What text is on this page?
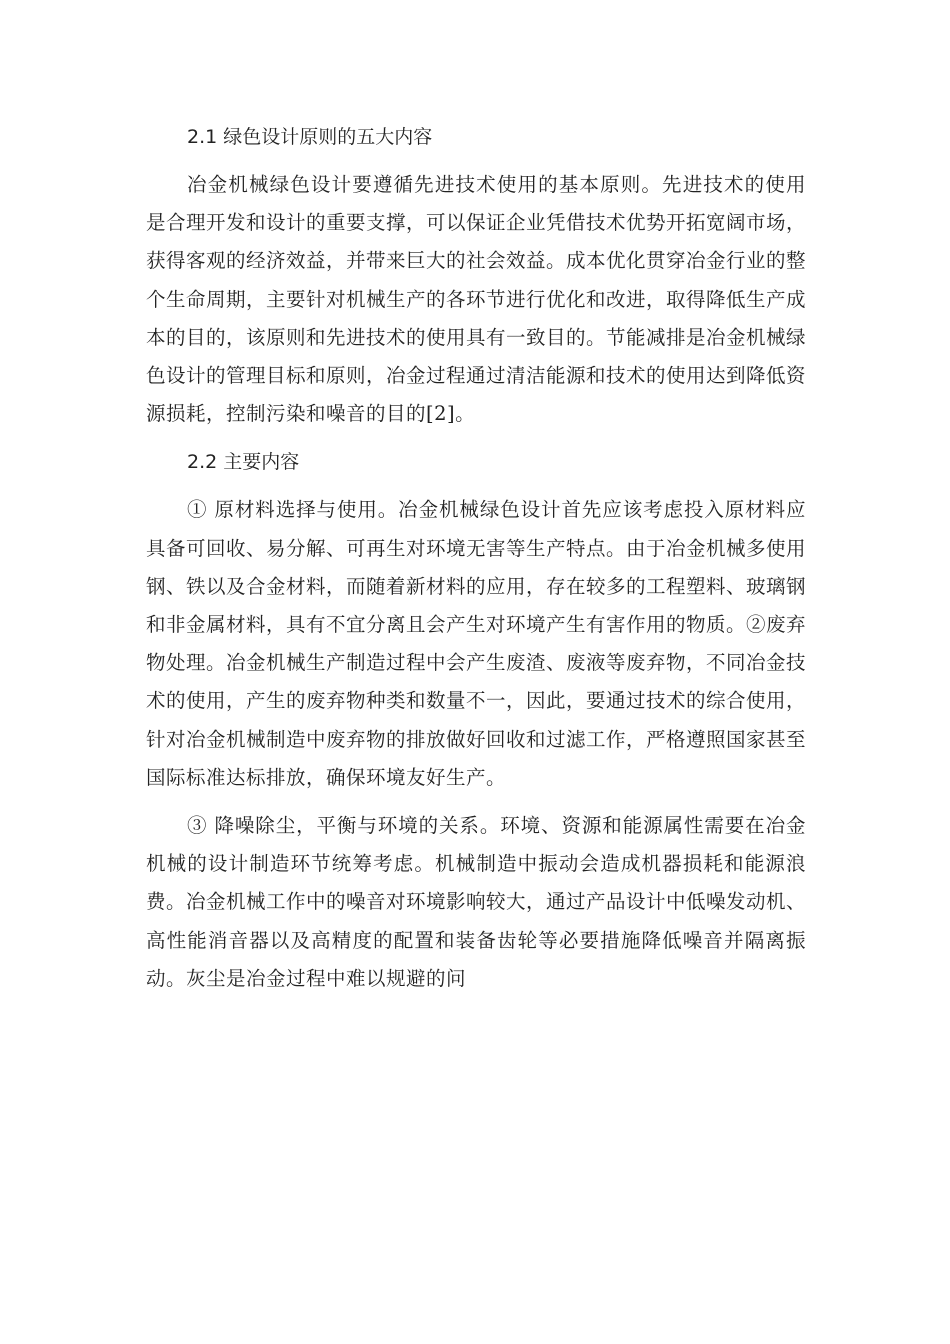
2.1 绿色设计原则的五大内容

冶金机械绿色设计要遵循先进技术使用的基本原则。先进技术的使用是合理开发和设计的重要支撑，可以保证企业凭借技术优势开拓宽阔市场，获得客观的经济效益，并带来巨大的社会效益。成本优化贯穿冶金行业的整个生命周期，主要针对机械生产的各环节进行优化和改进，取得降低生产成本的目的，该原则和先进技术的使用具有一致目的。节能减排是冶金机械绿色设计的管理目标和原则，冶金过程通过清洁能源和技术的使用达到降低资源损耗，控制污染和噪音的目的[2]。

2.2 主要内容

① 原材料选择与使用。冶金机械绿色设计首先应该考虑投入原材料应具备可回收、易分解、可再生对环境无害等生产特点。由于冶金机械多使用钢、铁以及合金材料，而随着新材料的应用，存在较多的工程塑料、玻璃钢和非金属材料，具有不宜分离且会产生对环境产生有害作用的物质。②废弃物处理。冶金机械生产制造过程中会产生废渣、废液等废弃物，不同冶金技术的使用，产生的废弃物种类和数量不一，因此，要通过技术的综合使用，针对冶金机械制造中废弃物的排放做好回收和过滤工作，严格遵照国家甚至国际标准达标排放，确保环境友好生产。

③ 降噪除尘，平衡与环境的关系。环境、资源和能源属性需要在冶金机械的设计制造环节统筹考虑。机械制造中振动会造成机器损耗和能源浪费。冶金机械工作中的噪音对环境影响较大，通过产品设计中低噪发动机、高性能消音器以及高精度的配置和装备齿轮等必要措施降低噪音并隔离振动。灰尘是冶金过程中难以规避的问
